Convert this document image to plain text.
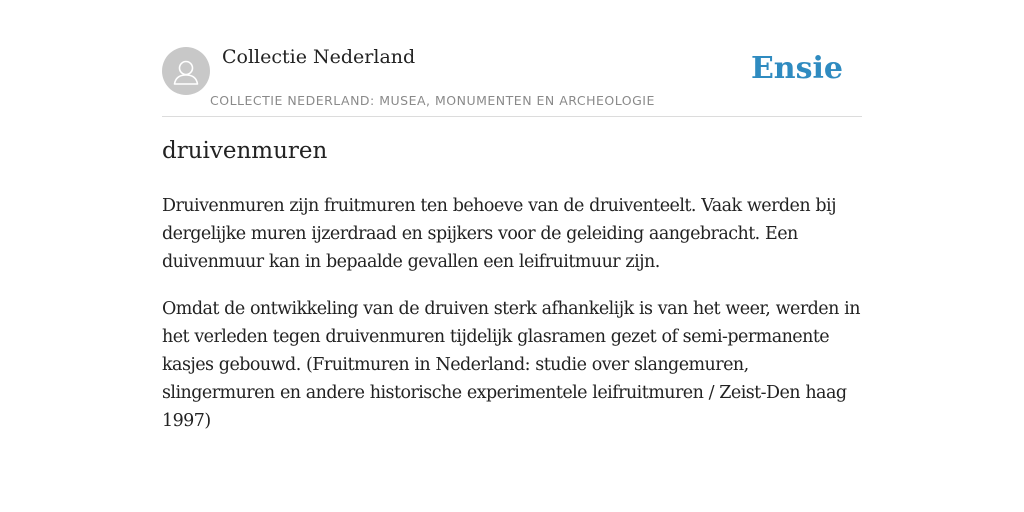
Collectie Nederland
COLLECTIE NEDERLAND: MUSEA, MONUMENTEN EN ARCHEOLOGIE
Ensie
druivenmuren

Druivenmuren zijn fruitmuren ten behoeve van de druiventeelt. Vaak werden bij dergelijke muren ijzerdraad en spijkers voor de geleiding aangebracht. Een duivenmuur kan in bepaalde gevallen een leifruitmuur zijn.

Omdat de ontwikkeling van de druiven sterk afhankelijk is van het weer, werden in het verleden tegen druivenmuren tijdelijk glasramen gezet of semi-permanente kasjes gebouwd. (Fruitmuren in Nederland: studie over slangemuren, slingermuren en andere historische experimentele leifruitmuren / Zeist-Den haag 1997)
